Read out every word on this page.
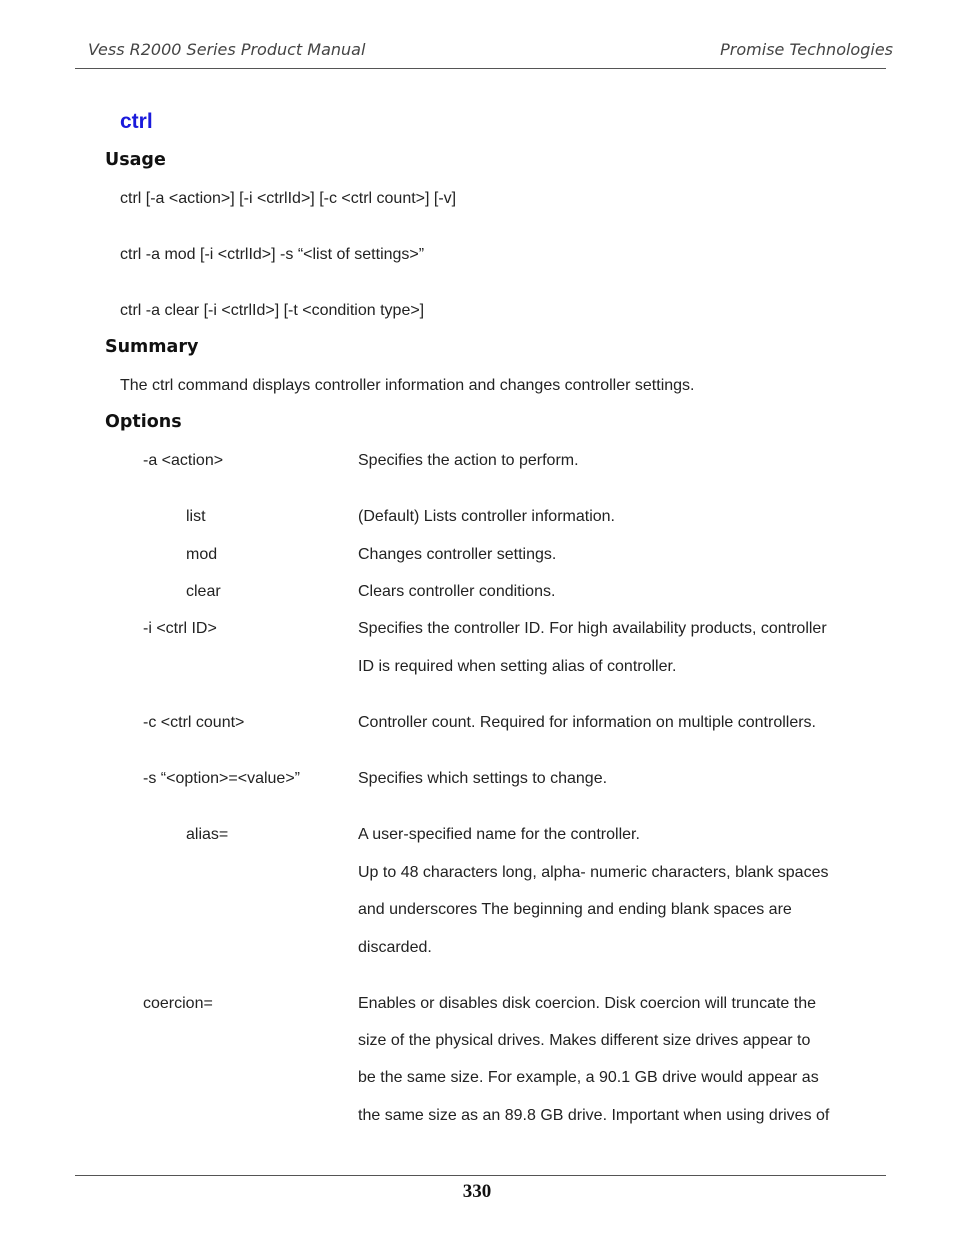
Vess R2000 Series Product Manual	Promise Technologies
ctrl
Usage
ctrl [-a <action>] [-i <ctrlId>] [-c <ctrl count>] [-v]
ctrl -a mod [-i <ctrlId>] -s “<list of settings>”
ctrl -a clear [-i <ctrlId>] [-t <condition type>]
Summary
The ctrl command displays controller information and changes controller settings.
Options
-a <action>	Specifies the action to perform.
list	(Default) Lists controller information.
mod	Changes controller settings.
clear	Clears controller conditions.
-i <ctrl ID>	Specifies the controller ID. For high availability products, controller
ID is required when setting alias of controller.
-c <ctrl count>	Controller count. Required for information on multiple controllers.
-s “<option>=<value>”	Specifies which settings to change.
alias=	A user-specified name for the controller.
Up to 48 characters long, alpha- numeric characters, blank spaces
and underscores The beginning and ending blank spaces are
discarded.
coercion=	Enables or disables disk coercion. Disk coercion will truncate the
size of the physical drives. Makes different size drives appear to
be the same size. For example, a 90.1 GB drive would appear as
the same size as an 89.8 GB drive. Important when using drives of
330
